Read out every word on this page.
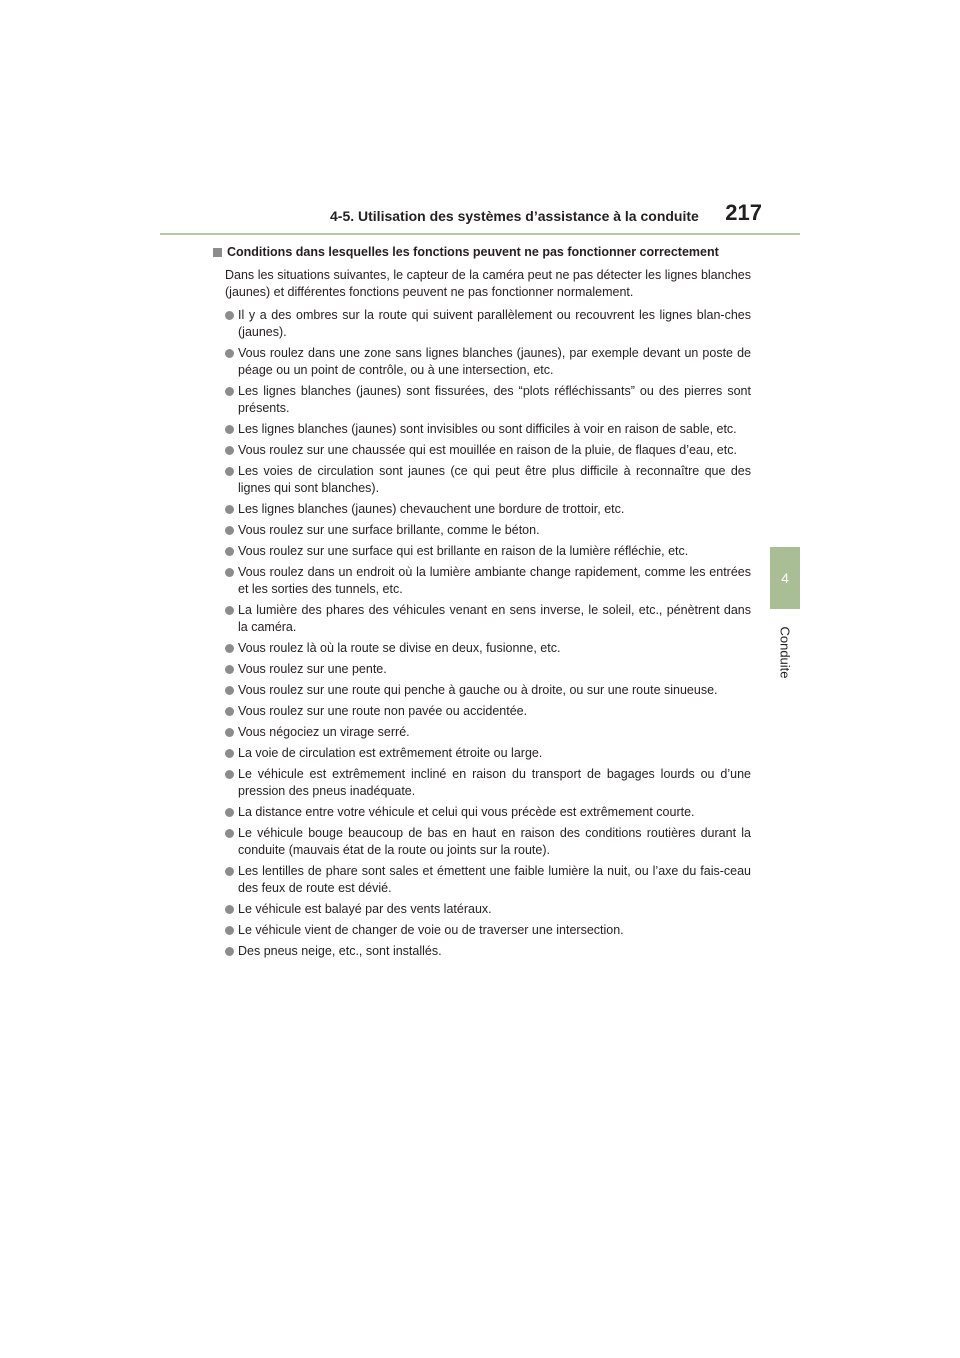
4-5. Utilisation des systèmes d’assistance à la conduite	217
4
Conduite
Conditions dans lesquelles les fonctions peuvent ne pas fonctionner correctement

Dans les situations suivantes, le capteur de la caméra peut ne pas détecter les lignes blanches (jaunes) et différentes fonctions peuvent ne pas fonctionner normalement.

Il y a des ombres sur la route qui suivent parallèlement ou recouvrent les lignes blan-ches (jaunes).
Vous roulez dans une zone sans lignes blanches (jaunes), par exemple devant un poste de péage ou un point de contrôle, ou à une intersection, etc.
Les lignes blanches (jaunes) sont fissurées, des “plots réfléchissants” ou des pierres sont présents.
Les lignes blanches (jaunes) sont invisibles ou sont difficiles à voir en raison de sable, etc.
Vous roulez sur une chaussée qui est mouillée en raison de la pluie, de flaques d’eau, etc.
Les voies de circulation sont jaunes (ce qui peut être plus difficile à reconnaître que des lignes qui sont blanches).
Les lignes blanches (jaunes) chevauchent une bordure de trottoir, etc.
Vous roulez sur une surface brillante, comme le béton.
Vous roulez sur une surface qui est brillante en raison de la lumière réfléchie, etc.
Vous roulez dans un endroit où la lumière ambiante change rapidement, comme les entrées et les sorties des tunnels, etc.
La lumière des phares des véhicules venant en sens inverse, le soleil, etc., pénètrent dans la caméra.
Vous roulez là où la route se divise en deux, fusionne, etc.
Vous roulez sur une pente.
Vous roulez sur une route qui penche à gauche ou à droite, ou sur une route sinueuse.
Vous roulez sur une route non pavée ou accidentée.
Vous négociez un virage serré.
La voie de circulation est extrêmement étroite ou large.
Le véhicule est extrêmement incliné en raison du transport de bagages lourds ou d’une pression des pneus inadéquate.
La distance entre votre véhicule et celui qui vous précède est extrêmement courte.
Le véhicule bouge beaucoup de bas en haut en raison des conditions routières durant la conduite (mauvais état de la route ou joints sur la route).
Les lentilles de phare sont sales et émettent une faible lumière la nuit, ou l’axe du fais-ceau des feux de route est dévié.
Le véhicule est balayé par des vents latéraux.
Le véhicule vient de changer de voie ou de traverser une intersection.
Des pneus neige, etc., sont installés.
